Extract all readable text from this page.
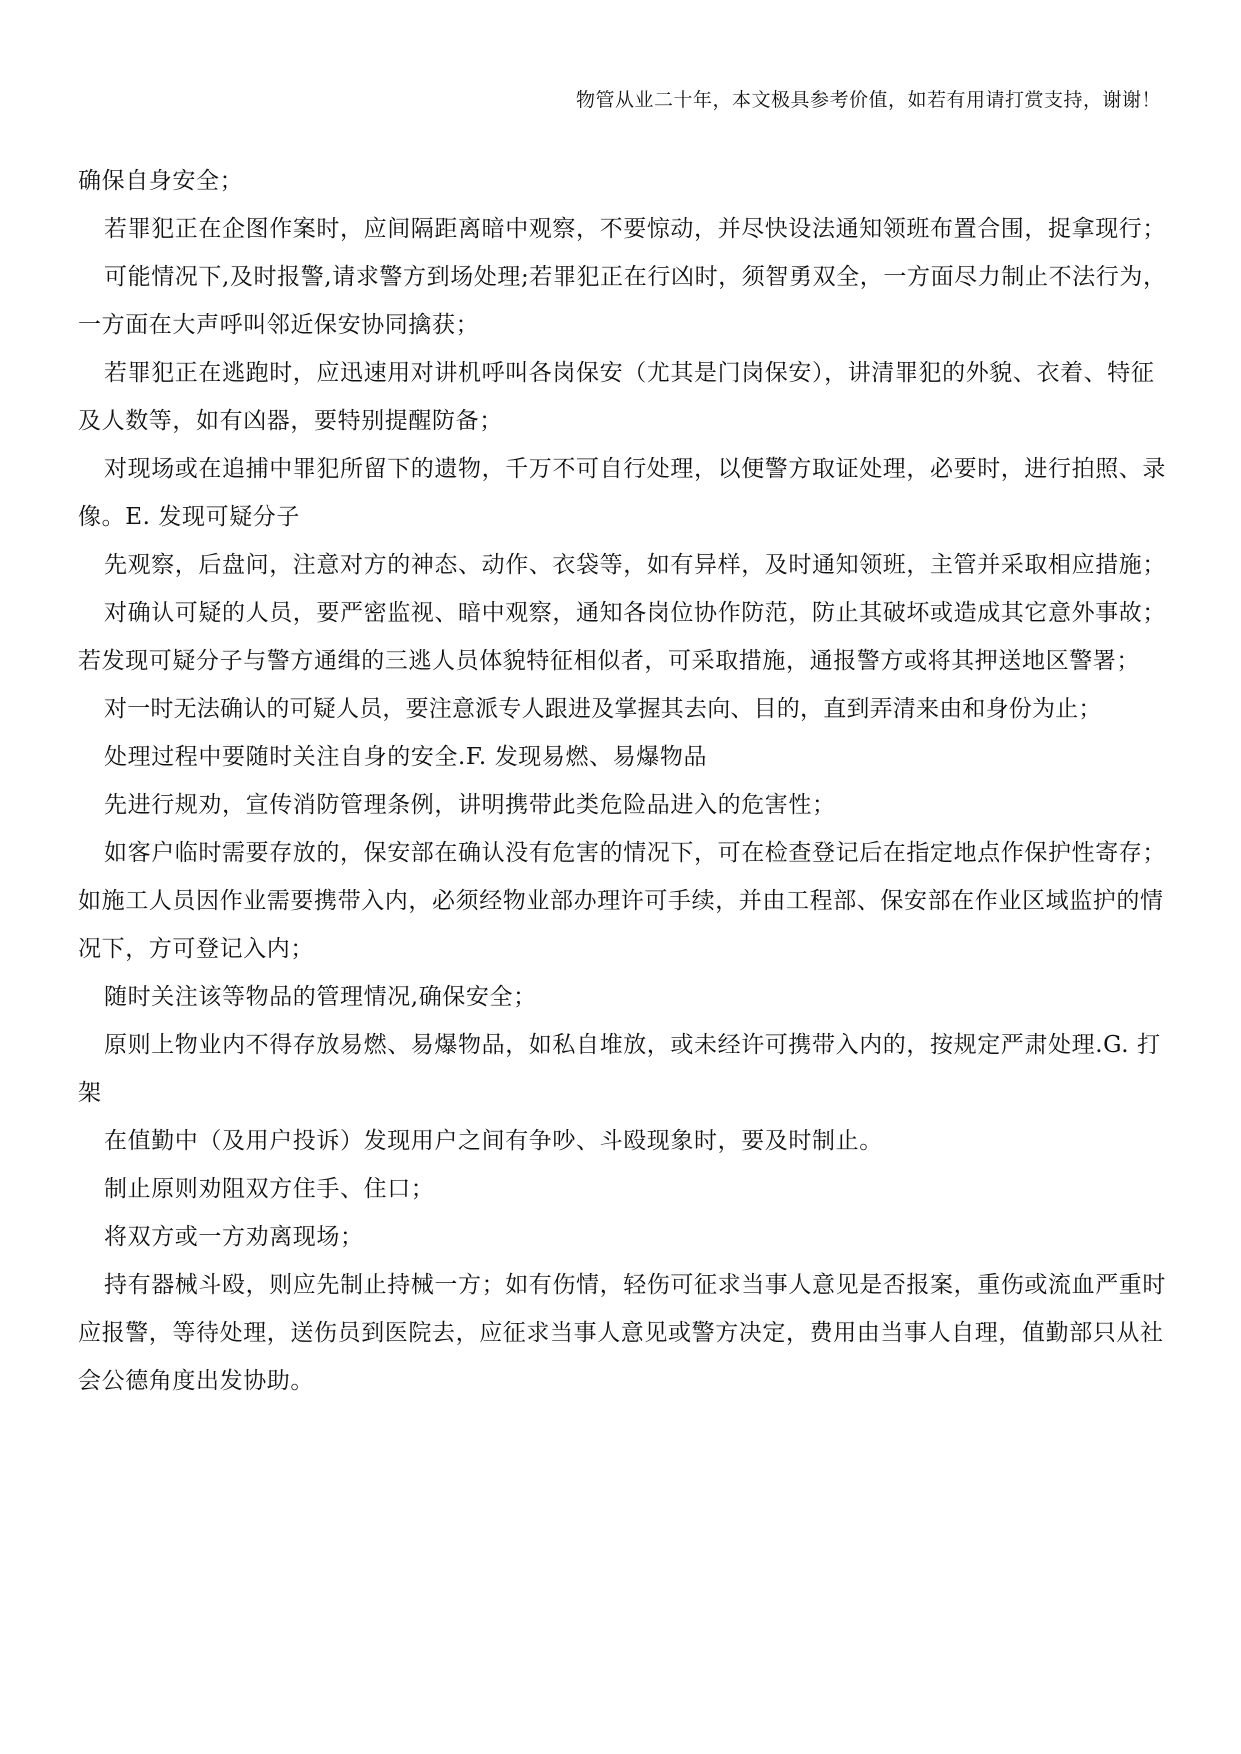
物管从业二十年，本文极具参考价值，如若有用请打赏支持，谢谢！

确保自身安全；

若罪犯正在企图作案时，应间隔距离暗中观察，不要惊动，并尽快设法通知领班布置合围，捉拿现行；

可能情况下,及时报警,请求警方到场处理;若罪犯正在行凶时，须智勇双全，一方面尽力制止不法行为，一方面在大声呼叫邻近保安协同擒获；

若罪犯正在逃跑时，应迅速用对讲机呼叫各岗保安（尤其是门岗保安），讲清罪犯的外貌、衣着、特征及人数等，如有凶器，要特别提醒防备；

对现场或在追捕中罪犯所留下的遗物，千万不可自行处理，以便警方取证处理，必要时，进行拍照、录像。E. 发现可疑分子

先观察，后盘问，注意对方的神态、动作、衣袋等，如有异样，及时通知领班，主管并采取相应措施；

对确认可疑的人员，要严密监视、暗中观察，通知各岗位协作防范，防止其破坏或造成其它意外事故；若发现可疑分子与警方通缉的三逃人员体貌特征相似者，可采取措施，通报警方或将其押送地区警署；

对一时无法确认的可疑人员，要注意派专人跟进及掌握其去向、目的，直到弄清来由和身份为止；

处理过程中要随时关注自身的安全.F. 发现易燃、易爆物品

先进行规劝，宣传消防管理条例，讲明携带此类危险品进入的危害性；

如客户临时需要存放的，保安部在确认没有危害的情况下，可在检查登记后在指定地点作保护性寄存；如施工人员因作业需要携带入内，必须经物业部办理许可手续，并由工程部、保安部在作业区域监护的情况下，方可登记入内；

随时关注该等物品的管理情况,确保安全；

原则上物业内不得存放易燃、易爆物品，如私自堆放，或未经许可携带入内的，按规定严肃处理.G. 打架

在值勤中（及用户投诉）发现用户之间有争吵、斗殴现象时，要及时制止。

制止原则劝阻双方住手、住口；

将双方或一方劝离现场；

持有器械斗殴，则应先制止持械一方；如有伤情，轻伤可征求当事人意见是否报案，重伤或流血严重时应报警，等待处理，送伤员到医院去，应征求当事人意见或警方决定，费用由当事人自理，值勤部只从社会公德角度出发协助。
